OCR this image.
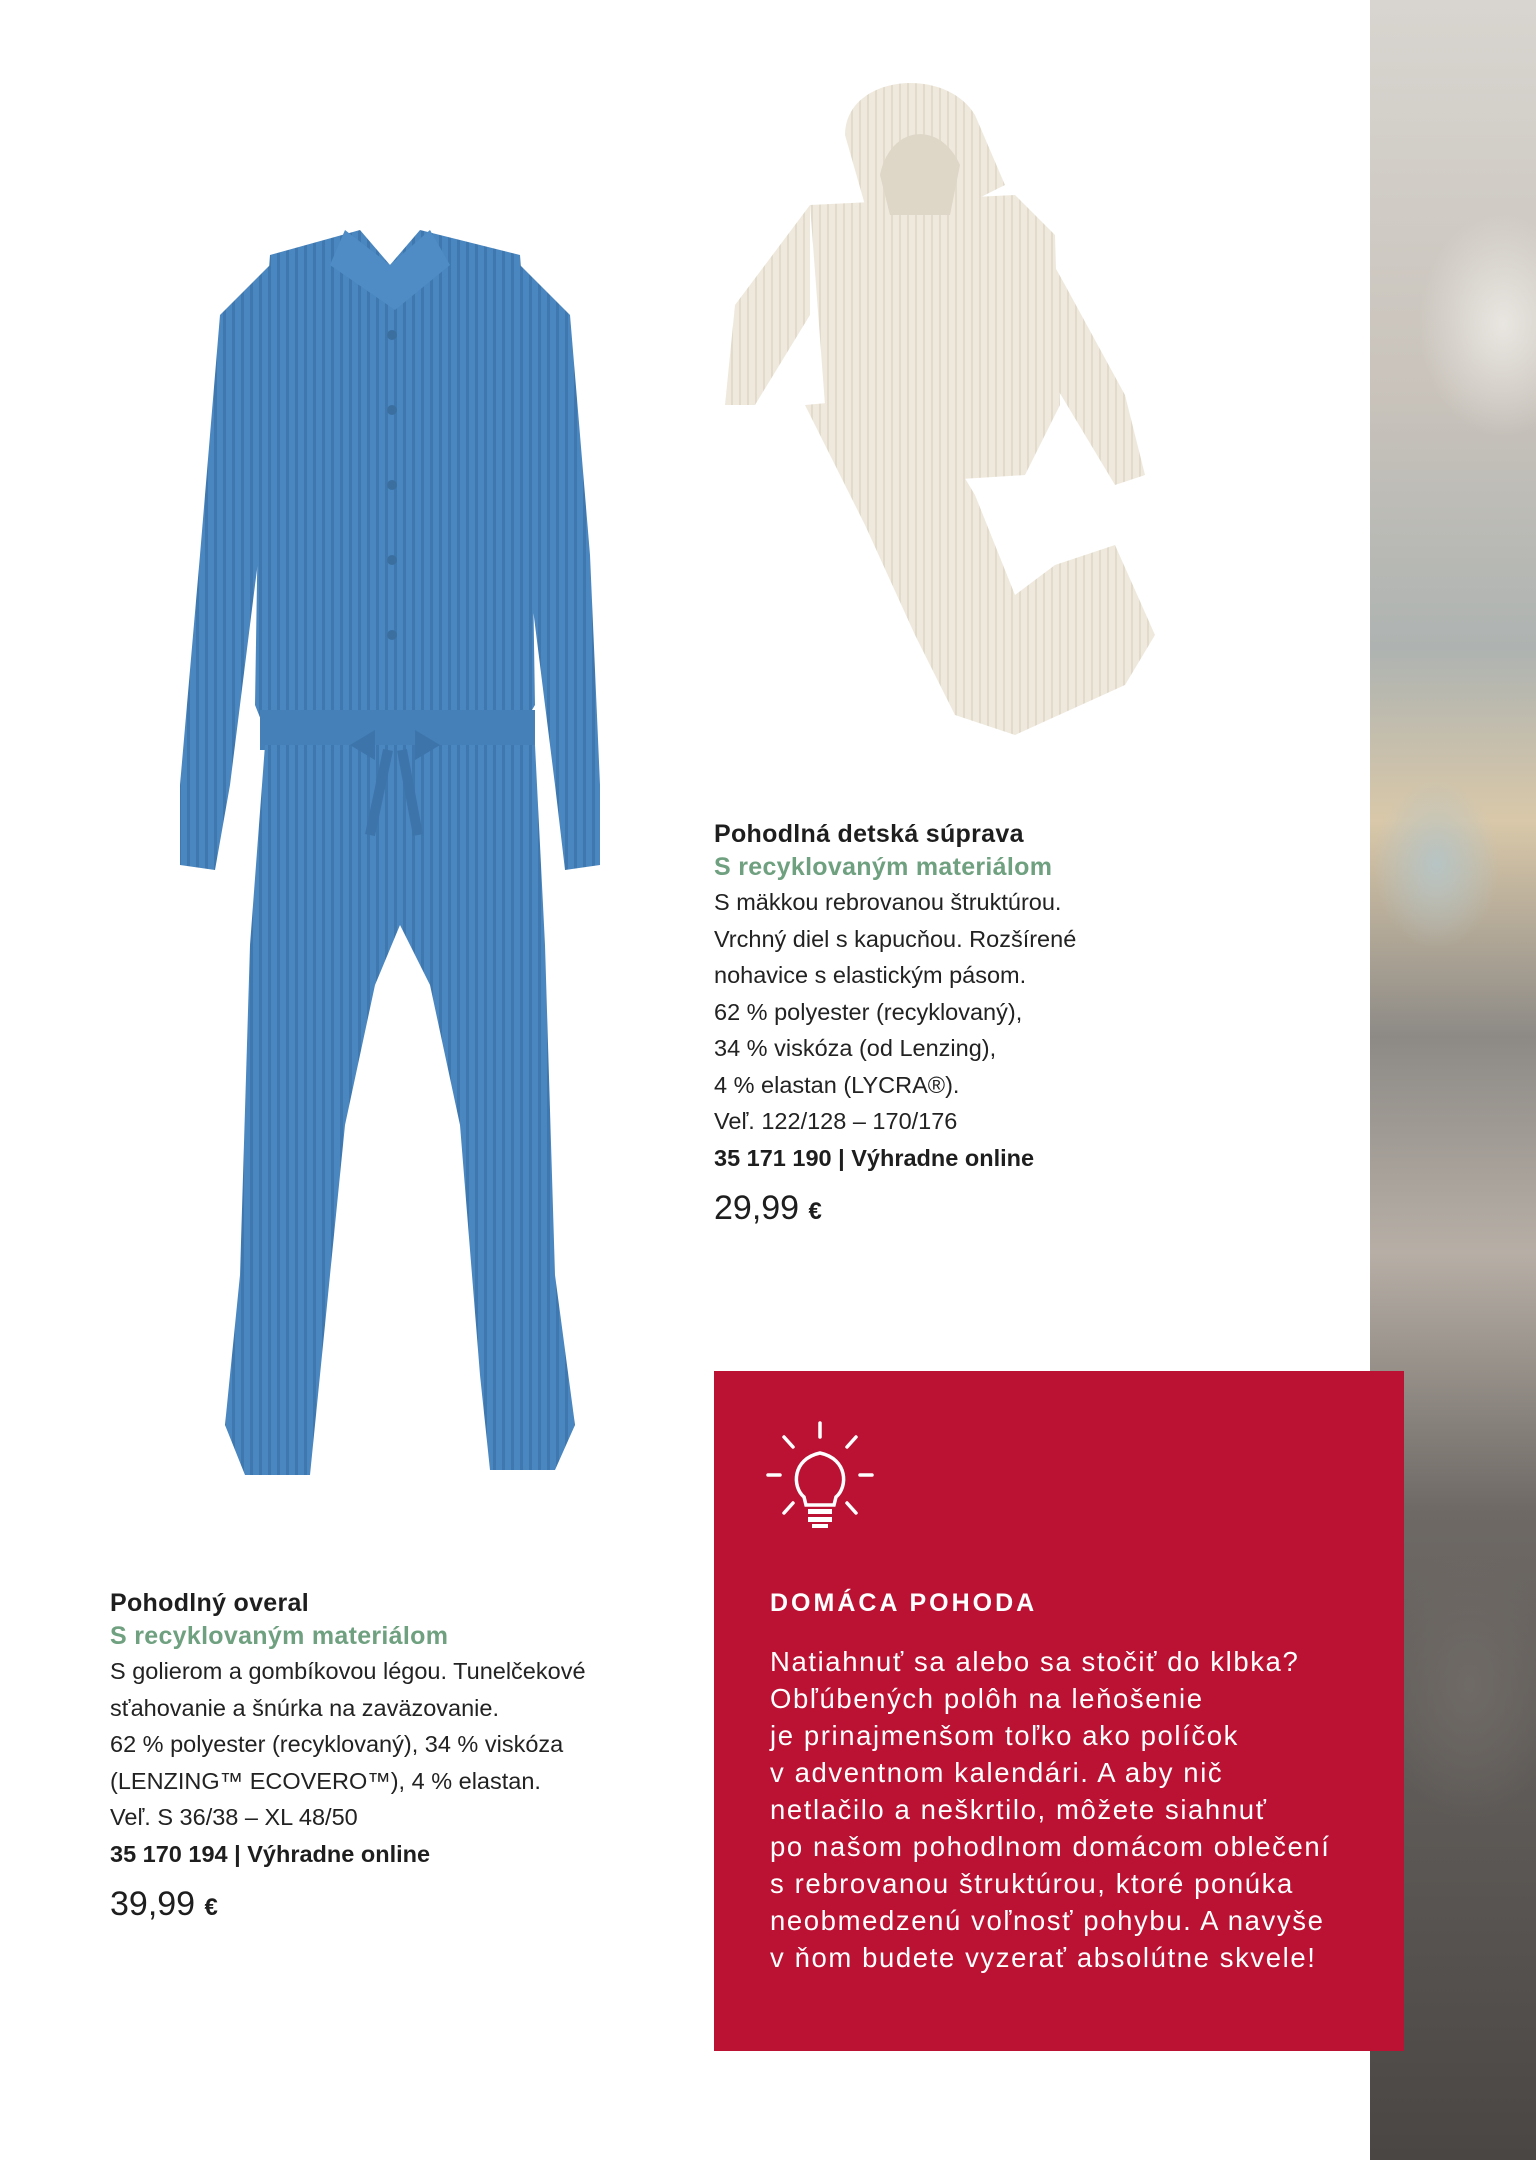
Pohodlná detská súprava
S recyklovaným materiálom
S mäkkou rebrovanou štruktúrou.
Vrchný diel s kapucňou. Rozšírené
nohavice s elastickým pásom.
62 % polyester (recyklovaný),
34 % viskóza (od Lenzing),
4 % elastan (LYCRA®).
Veľ. 122/128 – 170/176
35 171 190 | Výhradne online
29,99 €
Pohodlný overal
S recyklovaným materiálom
S golierom a gombíkovou légou. Tunelčekové
sťahovanie a šnúrka na zaväzovanie.
62 % polyester (recyklovaný), 34 % viskóza
(LENZING™ ECOVERO™), 4 % elastan.
Veľ. S 36/38 – XL 48/50
35 170 194 | Výhradne online
39,99 €
DOMÁCA POHODA
Natiahnuť sa alebo sa stočiť do klbka?
Obľúbených polôh na leňošenie
je prinajmenšom toľko ako políčok
v adventnom kalendári. A aby nič
netlačilo a neškrtilo, môžete siahnuť
po našom pohodlnom domácom oblečení
s rebrovanou štruktúrou, ktoré ponúka
neobmedzenú voľnosť pohybu. A navyše
v ňom budete vyzerať absolútne skvele!
